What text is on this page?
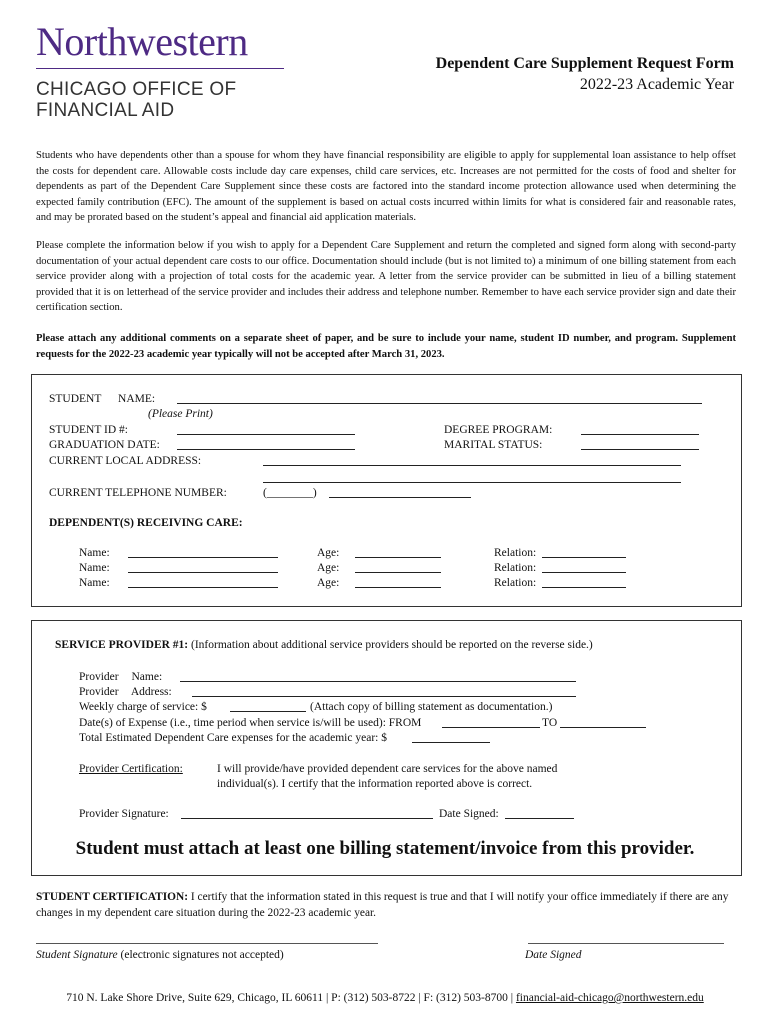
Northwestern
CHICAGO OFFICE OF
FINANCIAL AID
Dependent Care Supplement Request Form
2022-23 Academic Year
Students who have dependents other than a spouse for whom they have financial responsibility are eligible to apply for supplemental loan assistance to help offset the costs for dependent care. Allowable costs include day care expenses, child care services, etc. Increases are not permitted for the costs of food and shelter for dependents as part of the Dependent Care Supplement since these costs are factored into the standard income protection allowance used when determining the expected family contribution (EFC). The amount of the supplement is based on actual costs incurred within limits for what is considered fair and reasonable rates, and may be prorated based on the student’s appeal and financial aid application materials.
Please complete the information below if you wish to apply for a Dependent Care Supplement and return the completed and signed form along with second-party documentation of your actual dependent care costs to our office. Documentation should include (but is not limited to) a minimum of one billing statement from each service provider along with a projection of total costs for the academic year. A letter from the service provider can be submitted in lieu of a billing statement provided that it is on letterhead of the service provider and includes their address and telephone number. Remember to have each service provider sign and date their certification section.
Please attach any additional comments on a separate sheet of paper, and be sure to include your name, student ID number, and program. Supplement requests for the 2022-23 academic year typically will not be accepted after March 31, 2023.
STUDENT NAME:
(Please Print)
STUDENT ID #:	DEGREE PROGRAM:
GRADUATION DATE:	MARITAL STATUS:
CURRENT LOCAL ADDRESS:
CURRENT TELEPHONE NUMBER:	(________)
DEPENDENT(S) RECEIVING CARE:
Name:	Age:	Relation:
Name:	Age:	Relation:
Name:	Age:	Relation:
SERVICE PROVIDER #1: (Information about additional service providers should be reported on the reverse side.)
Provider Name:
Provider Address:
Weekly charge of service: $	(Attach copy of billing statement as documentation.)
Date(s) of Expense (i.e., time period when service is/will be used): FROM	TO
Total Estimated Dependent Care expenses for the academic year: $
Provider Certification:	I will provide/have provided dependent care services for the above named
individual(s). I certify that the information reported above is correct.
Provider Signature:	Date Signed:
Student must attach at least one billing statement/invoice from this provider.
STUDENT CERTIFICATION: I certify that the information stated in this request is true and that I will notify your office immediately if there are any changes in my dependent care situation during the 2022-23 academic year.
Student Signature (electronic signatures not accepted)	Date Signed
710 N. Lake Shore Drive, Suite 629, Chicago, IL 60611 | P: (312) 503-8722 | F: (312) 503-8700 | financial-aid-chicago@northwestern.edu
